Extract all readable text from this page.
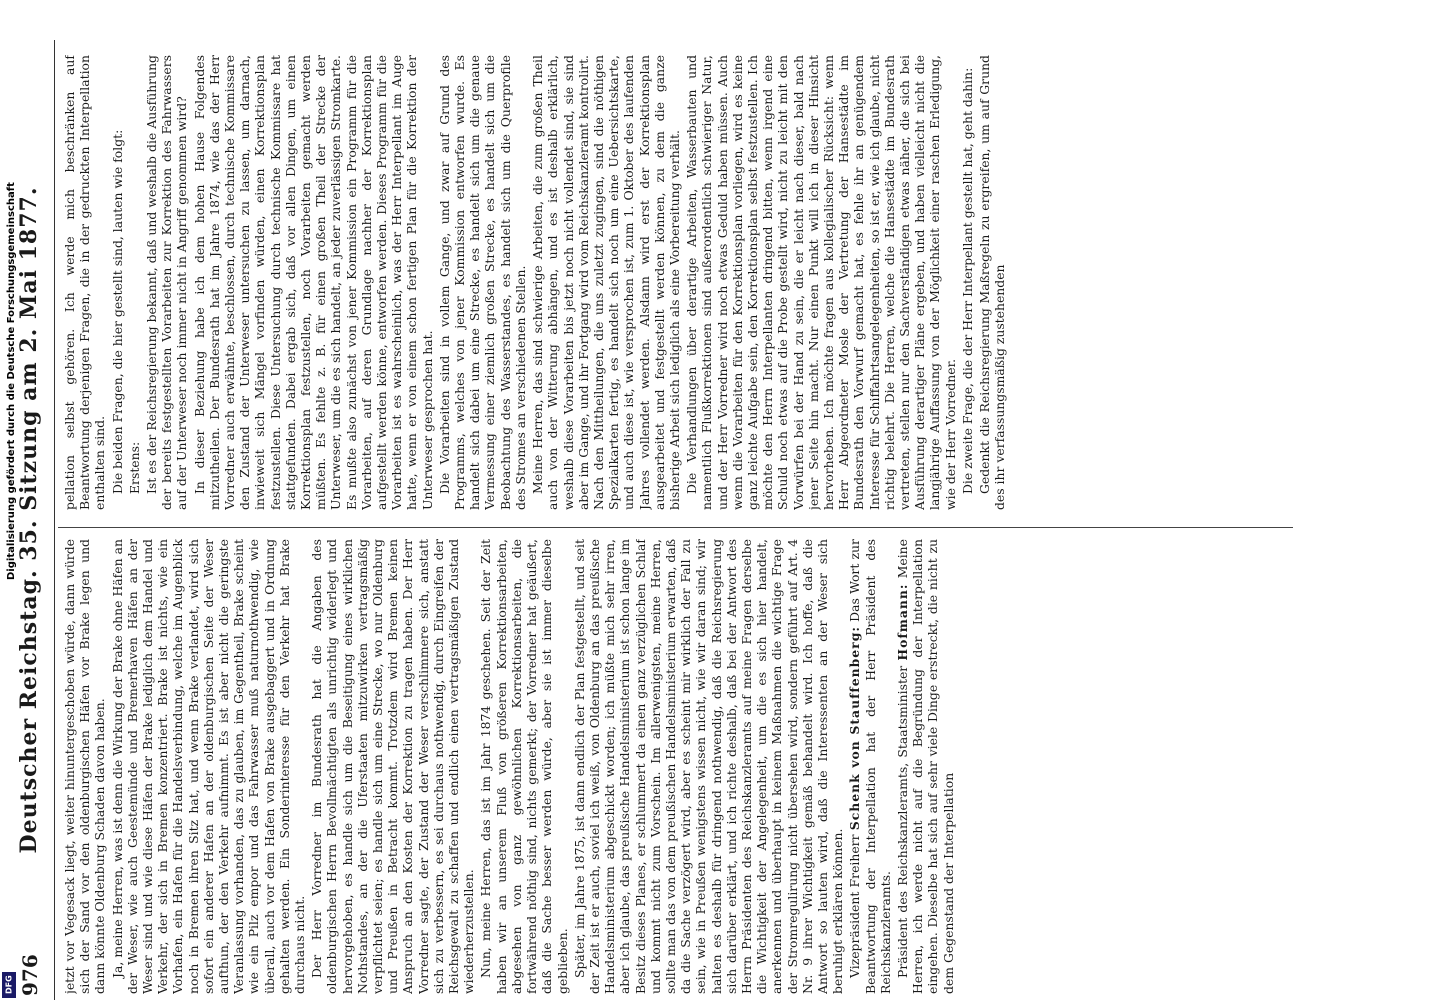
976
Deutscher Reichstag. 35. Sitzung am 2. Mai 1877. jetzt vor Vegesack liegt, weiter hinuntergeschoben würde, dann würde sich der Sand vor den oldenburgischen Häfen vor Brake legen und dann könnte Oldenburg Schaden davon haben. Ja, meine Herren, was ist denn die Wirkung der Brake ohne Häfen an der Weser, wie auch Geestemünde und Bremerhaven Häfen an der Weser sind und wie diese Häfen der Brake lediglich dem Handel und Verkehr, der sich in Bremen konzentriert. Brake ist nichts, wie ein Vorhafen, ein Hafen für die Handelsverbindung, welche im Augenblick noch in Bremen ihren Sitz hat, und wenn Brake verlandet, wird sich sofort ein anderer Hafen an der oldenburgischen Seite der Weser aufthun, der den Verkehr aufnimmt. Es ist aber nicht die geringste Veranlassung vorhanden, das zu glauben, im Gegentheil, Brake scheint wie ein Pilz empor und das Fahrwasser muß naturnothwendig, wie überall, auch vor dem Hafen von Brake ausgebaggert und in Ordnung gehalten werden. Ein Sonderinteresse für den Verkehr hat Brake durchaus nicht. Der Herr Vorredner im Bundesrath hat die Angaben des oldenburgischen Herrn Bevollmächtigten als unrichtig widerlegt und hervorgehoben, es handle sich um die Beseitigung eines wirklichen Nothstandes, an der die Uferstaaten mitzuwirken vertragsmäßig verpflichtet seien; es handle sich um eine Strecke, wo nur Oldenburg und Preußen in Betracht kommt. Trotzdem wird Bremen keinen Anspruch an den Kosten der Korrektion zu tragen haben. Der Herr Vorredner sagte, der Zustand der Weser verschlimmere sich, anstatt sich zu verbessern, es sei durchaus nothwendig, durch Eingreifen der Reichsgewalt zu schaffen und endlich einen vertragsmäßigen Zustand wiederherzustellen. Nun, meine Herren, das ist im Jahr 1874 geschehen. Seit der Zeit haben wir an unserem Fluß von größeren Korrektionsarbeiten, abgesehen von ganz gewöhnlichen Korrektionsarbeiten, die fortwährend nöthig sind, nichts gemerkt; der Vorredner hat geäußert, daß die Sache besser werden würde, aber sie ist immer dieselbe geblieben. Später, im Jahre 1875, ist dann endlich der Plan festgestellt, und seit der Zeit ist er auch, soviel ich weiß, von Oldenburg an das preußische Handelsministerium abgeschickt worden; ich müßte mich sehr irren, aber ich glaube, das preußische Handelsministerium ist schon lange im Besitz dieses Planes, er schlummert da einen ganz verzüglichen Schlaf und kommt nicht zum Vorschein. Im allerwenigsten, meine Herren, sollte man das von dem preußischen Handelsministerium erwarten, daß da die Sache verzögert wird, aber es scheint mir wirklich der Fall zu sein, wie in Preußen wenigstens wissen nicht, wie wir daran sind; wir halten es deshalb für dringend nothwendig, daß die Reichsregierung sich darüber erklärt, und ich richte deshalb, daß bei der Antwort des Herrn Präsidenten des Reichskanzleramts auf meine Fragen derselbe die Wichtigkeit der Angelegenheit, um die es sich hier handelt, anerkennen und überhaupt in keinem Maßnahmen die wichtige Frage der Stromregulirung nicht übersehen wird, sondern geführt auf Art. 4 Nr. 9 ihrer Wichtigkeit gemäß behandelt wird. Ich hoffe, daß die Antwort so lauten wird, daß die Interessenten an der Weser sich beruhigt erklären können. Vizepräsident Freiherr Schenk von Stauffenberg: Das Wort zur Beantwortung der Interpellation hat der Herr Präsident des Reichskanzleramts. Präsident des Reichskanzleramts, Staatsminister Hofmann: Meine Herren, ich werde nicht auf die Begründung der Interpellation eingehen. Dieselbe hat sich auf sehr viele Dinge erstreckt, die nicht zu dem Gegenstand der Interpellation

pellation selbst gehören. Ich werde mich beschränken auf Beantwortung derjenigen Fragen, die in der gedruckten Interpellation enthalten sind. Die beiden Fragen, die hier gestellt sind, lauten wie folgt: Erstens: Ist es der Reichsregierung bekannt, daß und weshalb die Ausführung der bereits festgestellten Vorarbeiten zur Korrektion des Fahrwassers auf der Unterweser noch immer nicht in Angriff genommen wird? In dieser Beziehung habe ich dem hohen Hause Folgendes mitzutheilen. Der Bundesrath hat im Jahre 1874, wie das der Herr Vorredner auch erwähnte, beschlossen, durch technische Kommissare den Zustand der Unterweser untersuchen zu lassen, um darnach, inwieweit sich Mängel vorfinden würden, einen Korrektionsplan festzustellen. Diese Untersuchung durch technische Kommissare hat stattgefunden. Dabei ergab sich, daß vor allen Dingen, um einen Korrektionsplan festzustellen, noch Vorarbeiten gemacht werden müßten. Es fehlte z. B. für einen großen Theil der Strecke der Unterweser, um die es sich handelt, an jeder zuverlässigen Stromkarte. Es mußte also zunächst von jener Kommission ein Programm für die Vorarbeiten, auf deren Grundlage nachher der Korrektionsplan aufgestellt werden könne, entworfen werden. Dieses Programm für die Vorarbeiten ist es wahrscheinlich, was der Herr Interpellant im Auge hatte, wenn er von einem schon fertigen Plan für die Korrektion der Unterweser gesprochen hat. Die Vorarbeiten sind in vollem Gange, und zwar auf Grund des Programms, welches von jener Kommission entworfen wurde. Es handelt sich dabei um eine Strecke, es handelt sich um die genaue Vermessung einer ziemlich großen Strecke, es handelt sich um die Beobachtung des Wasserstandes, es handelt sich um die Querprofile des Stromes an verschiedenen Stellen. Meine Herren, das sind schwierige Arbeiten, die zum großen Theil auch von der Witterung abhängen, und es ist deshalb erklärlich, weshalb diese Vorarbeiten bis jetzt noch nicht vollendet sind, sie sind aber im Gange, und ihr Fortgang wird vom Reichskanzleramt kontrolirt. Nach den Mittheilungen, die uns zuletzt zugingen, sind die nöthigen Spezialkarten fertig, es handelt sich noch um eine Uebersichtskarte, und auch diese ist, wie versprochen ist, zum 1. Oktober des laufenden Jahres vollendet werden. Alsdann wird erst der Korrektionsplan ausgearbeitet und festgestellt werden können, zu dem die ganze bisherige Arbeit sich lediglich als eine Vorbereitung verhält. Die Verhandlungen über derartige Arbeiten, Wasserbauten und namentlich Flußkorrektionen sind außerordentlich schwieriger Natur, und der Herr Vorredner wird noch etwas Geduld haben müssen. Auch wenn die Vorarbeiten für den Korrektionsplan vorliegen, wird es keine ganz leichte Aufgabe sein, den Korrektionsplan selbst festzustellen. Ich möchte den Herrn Interpellanten dringend bitten, wenn irgend eine Schuld noch etwas auf die Probe gestellt wird, nicht zu leicht mit den Vorwürfen bei der Hand zu sein, die er leicht nach dieser, bald nach jener Seite hin macht. Nur einen Punkt will ich in dieser Hinsicht hervorheben. Ich möchte fragen aus kollegialischer Rücksicht: wenn Herr Abgeordneter Mosle der Vertretung der Hansestädte im Bundesrath den Vorwurf gemacht hat, es fehle ihr an genügendem Interesse für Schiffahrtsangelegenheiten, so ist er, wie ich glaube, nicht richtig belehrt. Die Herren, welche die Hansestädte im Bundesrath vertreten, stellen nur den Sachverständigen etwas näher, die sich bei Ausführung derartiger Pläne ergeben, und haben vielleicht nicht die langjährige Auffassung von der Möglichkeit einer raschen Erledigung, wie der Herr Vorredner. Die zweite Frage, die der Herr Interpellant gestellt hat, geht dahin: Gedenkt die Reichsregierung Maßregeln zu ergreifen, um auf Grund des ihr verfassungsmäßig zustehenden

Digitalisierung gefördert durch die Deutsche Forschungsgemeinschaft
DFG
